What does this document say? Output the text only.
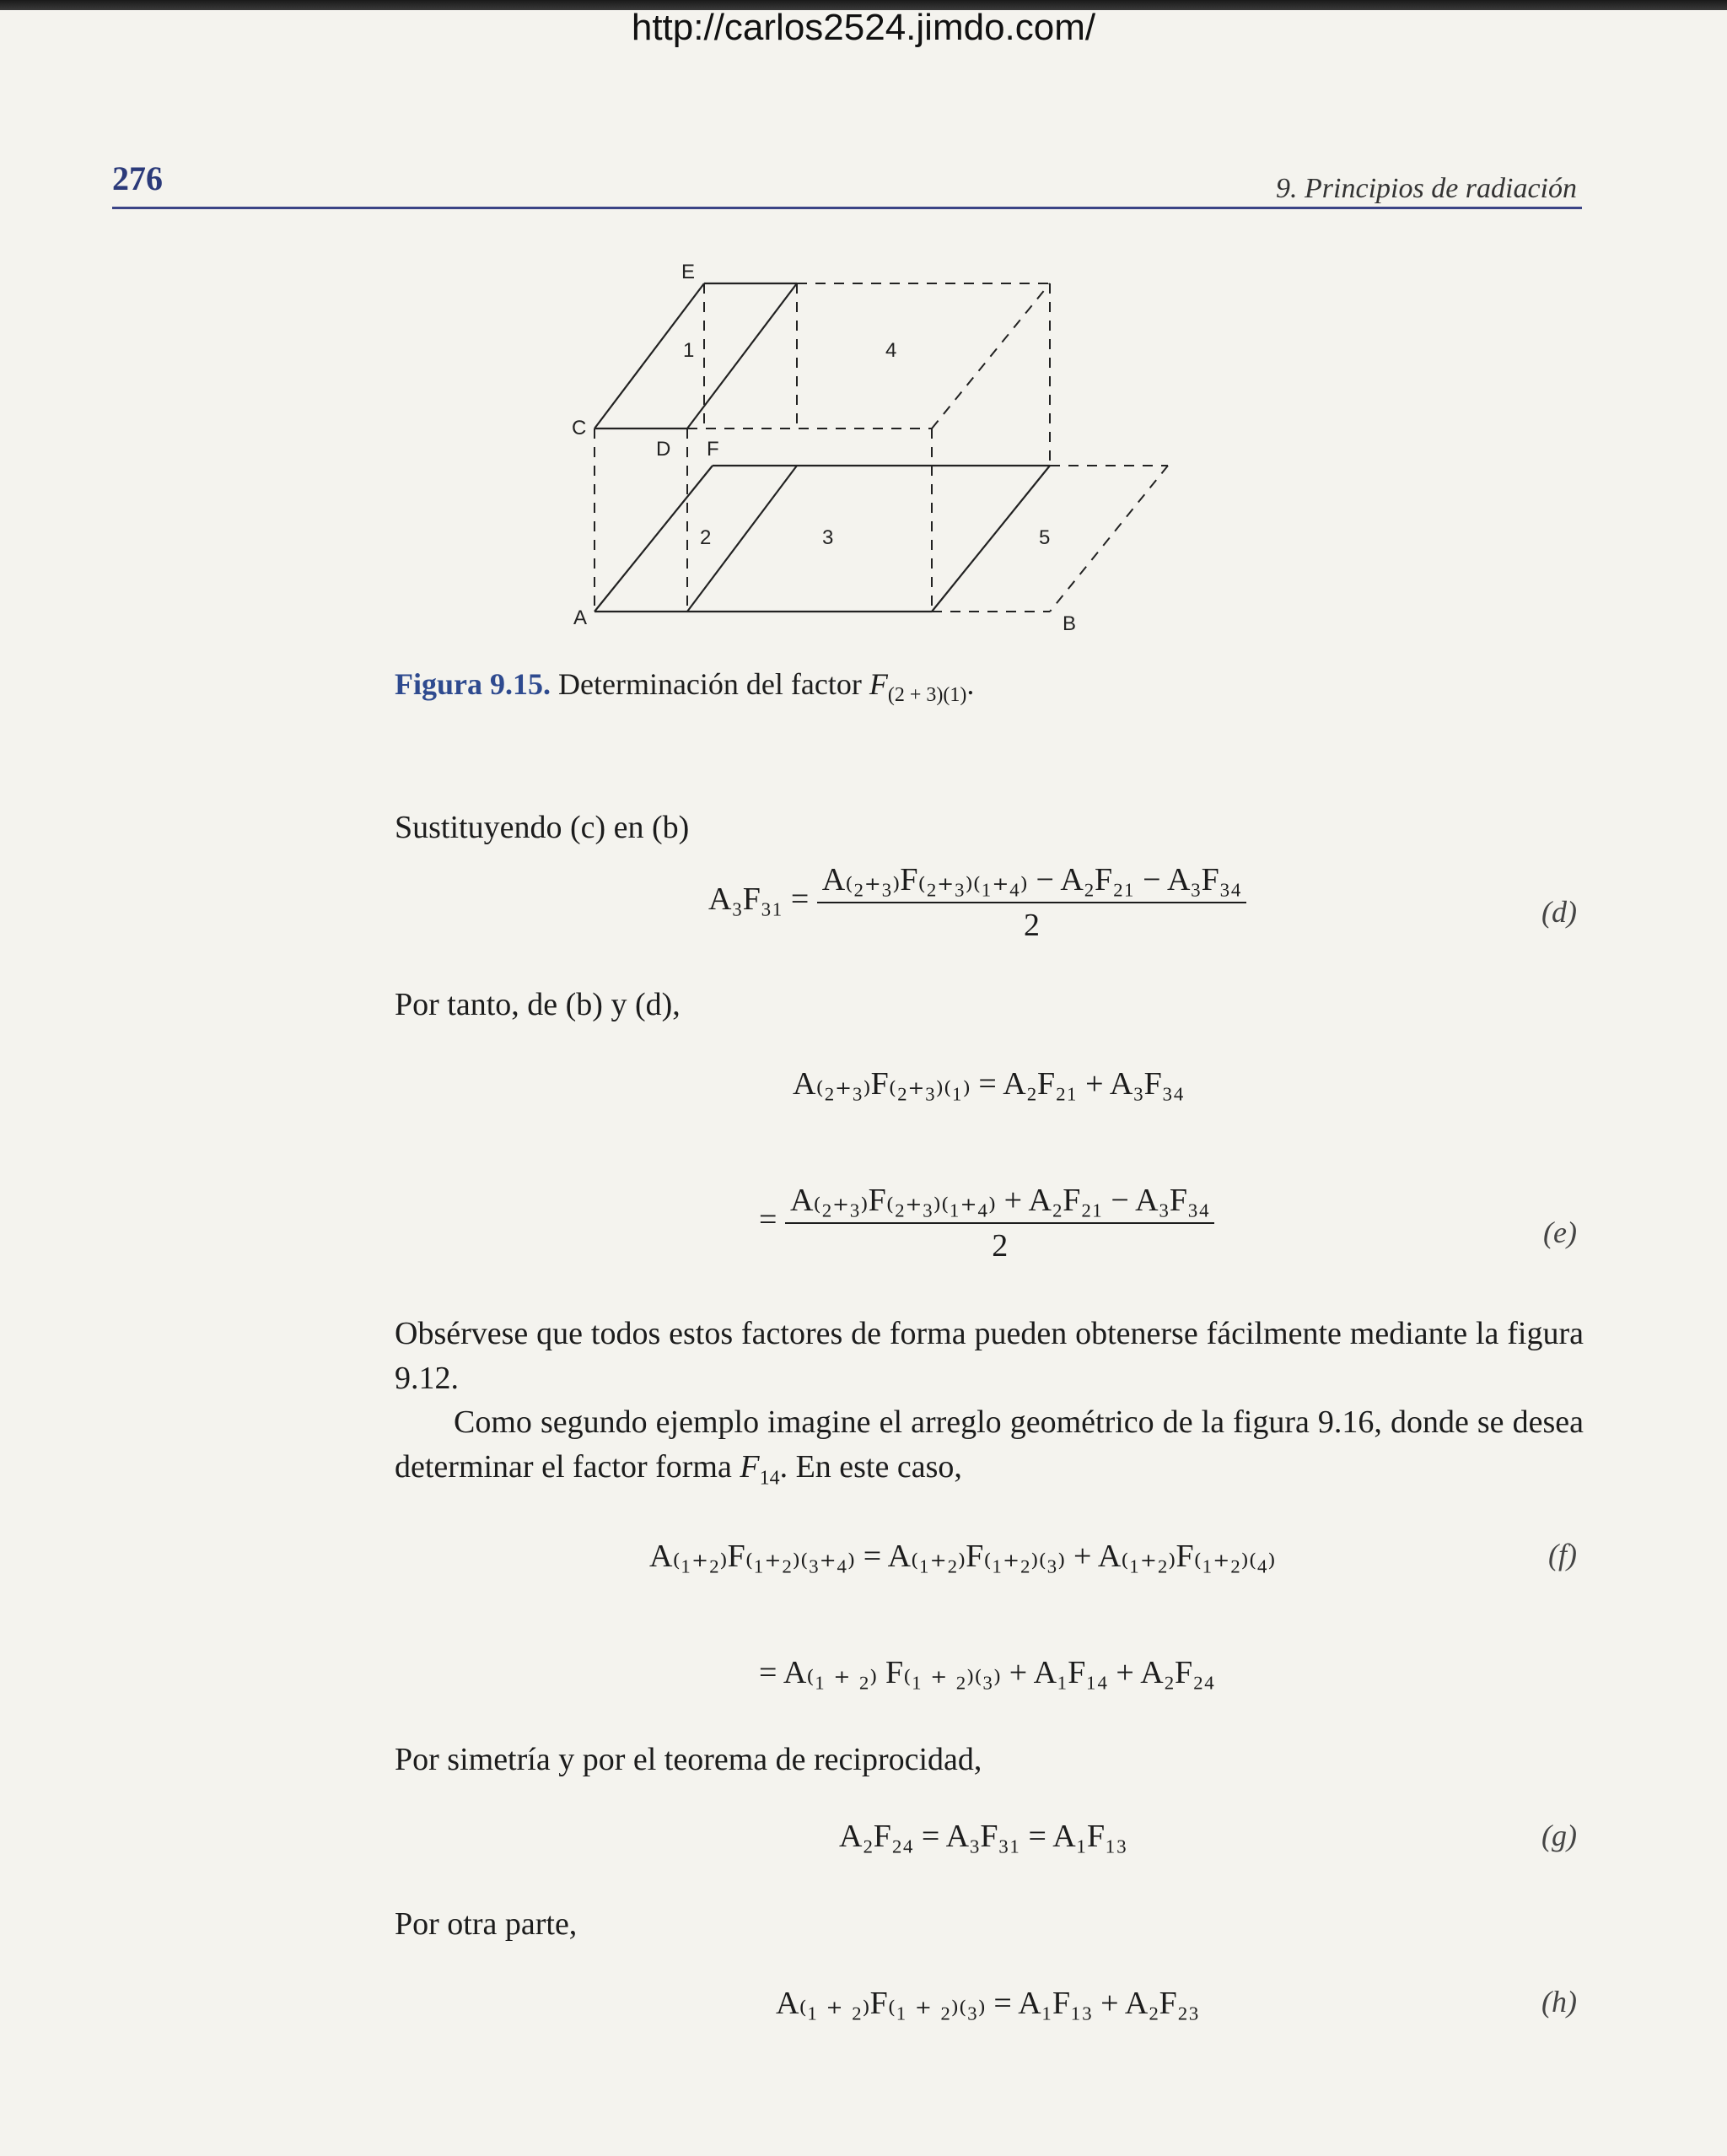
http://carlos2524.jimdo.com/
276	9. Principios de radiación
E
C
D F
A	B
1	4
2	3	5
Figura 9.15. Determinación del factor $F_{(2 + 3)(1)}$.
Sustituyendo (c) en (b)
$A_3F_{31} = \frac{\text{A₍₂₊₃₎F₍₂₊₃₎₍₁₊₄₎ − A₂F₂₁ − A₃F₃₄}}{2}$	(d)
Por tanto, de (b) y (d),
A₍₂₊₃₎F₍₂₊₃₎₍₁₎ = A₂F₂₁ + A₃F₃₄
= $\frac{\text{A₍₂₊₃₎F₍₂₊₃₎₍₁₊₄₎ + A₂F₂₁ − A₃F₃₄}}{2}$	(e)
Obsérvese que todos estos factores de forma pueden obtenerse fácilmente mediante la figura 9.12.
Como segundo ejemplo imagine el arreglo geométrico de la figura 9.16, donde se desea determinar el factor forma $F_{14}$. En este caso,
A₍₁₊₂₎F₍₁₊₂₎₍₃₊₄₎ = A₍₁₊₂₎F₍₁₊₂₎₍₃₎ + A₍₁₊₂₎F₍₁₊₂₎₍₄₎	(f)
= A₍₁ ₊ ₂₎ F₍₁ ₊ ₂₎₍₃₎ + A₁F₁₄ + A₂F₂₄
Por simetría y por el teorema de reciprocidad,
A₂F₂₄ = A₃F₃₁ = A₁F₁₃	(g)
Por otra parte,
A₍₁ ₊ ₂₎F₍₁ ₊ ₂₎₍₃₎ = A₁F₁₃ + A₂F₂₃	(h)
